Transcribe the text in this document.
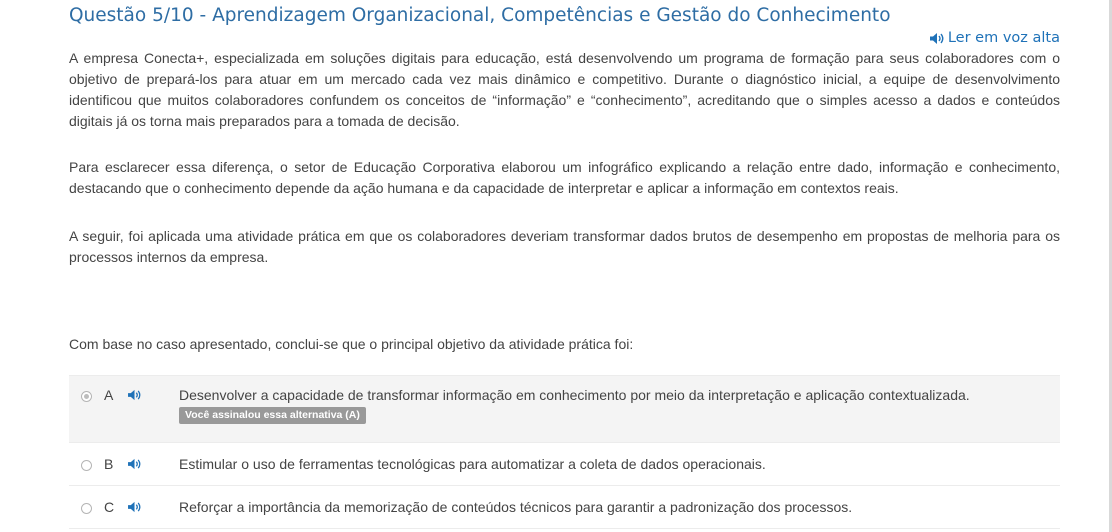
Questão 5/10 - Aprendizagem Organizacional, Competências e Gestão do Conhecimento
Ler em voz alta

A empresa Conecta+, especializada em soluções digitais para educação, está desenvolvendo um programa de formação para seus colaboradores com o objetivo de prepará-los para atuar em um mercado cada vez mais dinâmico e competitivo. Durante o diagnóstico inicial, a equipe de desenvolvimento identificou que muitos colaboradores confundem os conceitos de “informação” e “conhecimento”, acreditando que o simples acesso a dados e conteúdos digitais já os torna mais preparados para a tomada de decisão.

Para esclarecer essa diferença, o setor de Educação Corporativa elaborou um infográfico explicando a relação entre dado, informação e conhecimento, destacando que o conhecimento depende da ação humana e da capacidade de interpretar e aplicar a informação em contextos reais.

A seguir, foi aplicada uma atividade prática em que os colaboradores deveriam transformar dados brutos de desempenho em propostas de melhoria para os processos internos da empresa.

Com base no caso apresentado, conclui-se que o principal objetivo da atividade prática foi:

A	Desenvolver a capacidade de transformar informação em conhecimento por meio da interpretação e aplicação contextualizada.
Você assinalou essa alternativa (A)
B	Estimular o uso de ferramentas tecnológicas para automatizar a coleta de dados operacionais.
C	Reforçar a importância da memorização de conteúdos técnicos para garantir a padronização dos processos.
